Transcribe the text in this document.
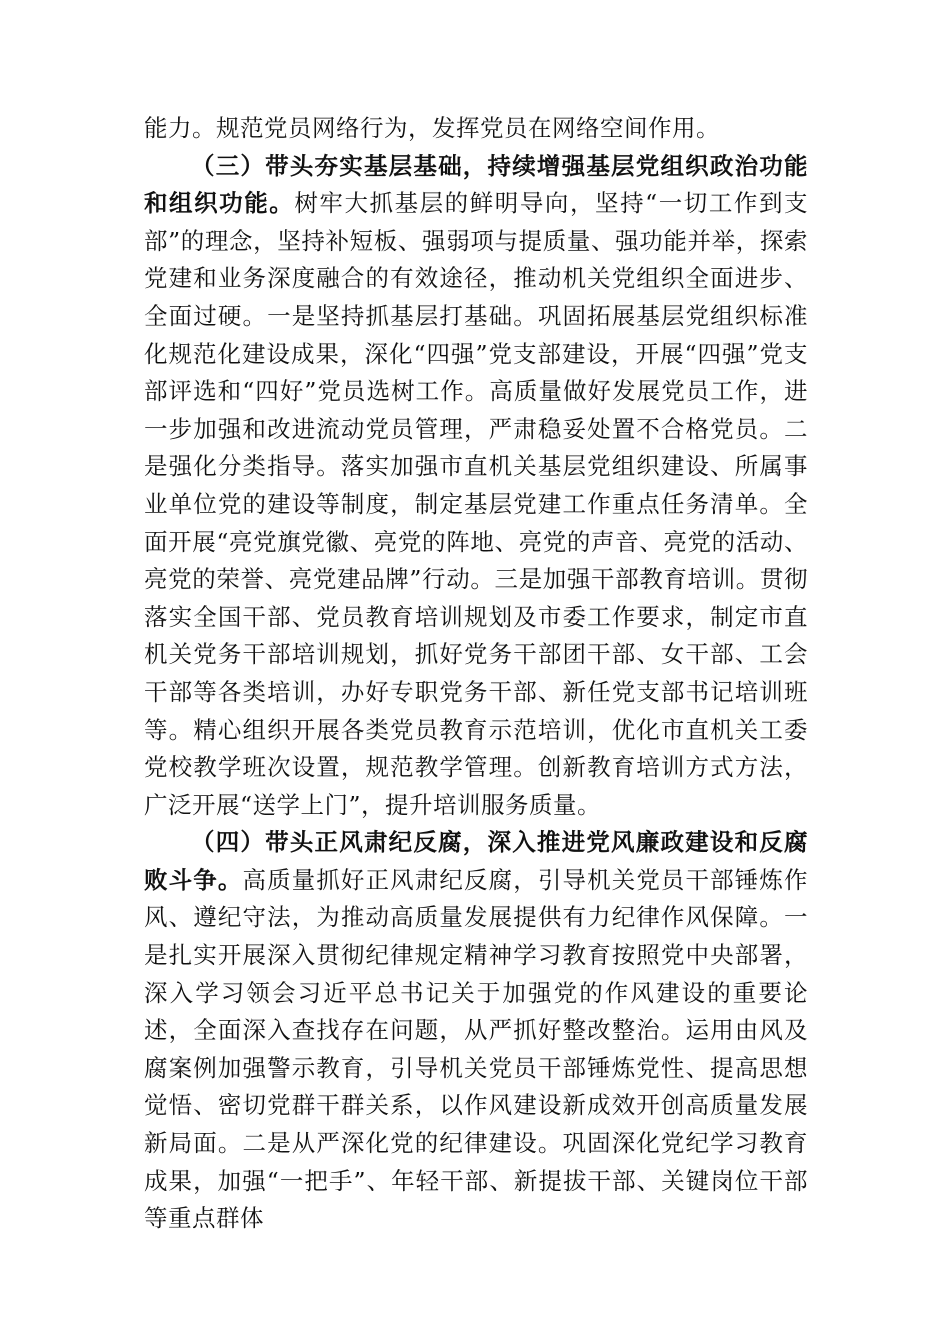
能力。规范党员网络行为，发挥党员在网络空间作用。

（三）带头夯实基层基础，持续增强基层党组织政治功能和组织功能。树牢大抓基层的鲜明导向，坚持“一切工作到支部”的理念，坚持补短板、强弱项与提质量、强功能并举，探索党建和业务深度融合的有效途径，推动机关党组织全面进步、全面过硬。一是坚持抓基层打基础。巩固拓展基层党组织标准化规范化建设成果，深化“四强”党支部建设，开展“四强”党支部评选和“四好”党员选树工作。高质量做好发展党员工作，进一步加强和改进流动党员管理，严肃稳妥处置不合格党员。二是强化分类指导。落实加强市直机关基层党组织建设、所属事业单位党的建设等制度，制定基层党建工作重点任务清单。全面开展“亮党旗党徽、亮党的阵地、亮党的声音、亮党的活动、亮党的荣誉、亮党建品牌”行动。三是加强干部教育培训。贯彻落实全国干部、党员教育培训规划及市委工作要求，制定市直机关党务干部培训规划，抓好党务干部团干部、女干部、工会干部等各类培训，办好专职党务干部、新任党支部书记培训班等。精心组织开展各类党员教育示范培训，优化市直机关工委党校教学班次设置，规范教学管理。创新教育培训方式方法，广泛开展“送学上门”，提升培训服务质量。

（四）带头正风肃纪反腐，深入推进党风廉政建设和反腐败斗争。高质量抓好正风肃纪反腐，引导机关党员干部锤炼作风、遵纪守法，为推动高质量发展提供有力纪律作风保障。一是扎实开展深入贯彻纪律规定精神学习教育按照党中央部署，深入学习领会习近平总书记关于加强党的作风建设的重要论述，全面深入查找存在问题，从严抓好整改整治。运用由风及腐案例加强警示教育，引导机关党员干部锤炼党性、提高思想觉悟、密切党群干群关系，以作风建设新成效开创高质量发展新局面。二是从严深化党的纪律建设。巩固深化党纪学习教育成果，加强“一把手”、年轻干部、新提拔干部、关键岗位干部等重点群体
